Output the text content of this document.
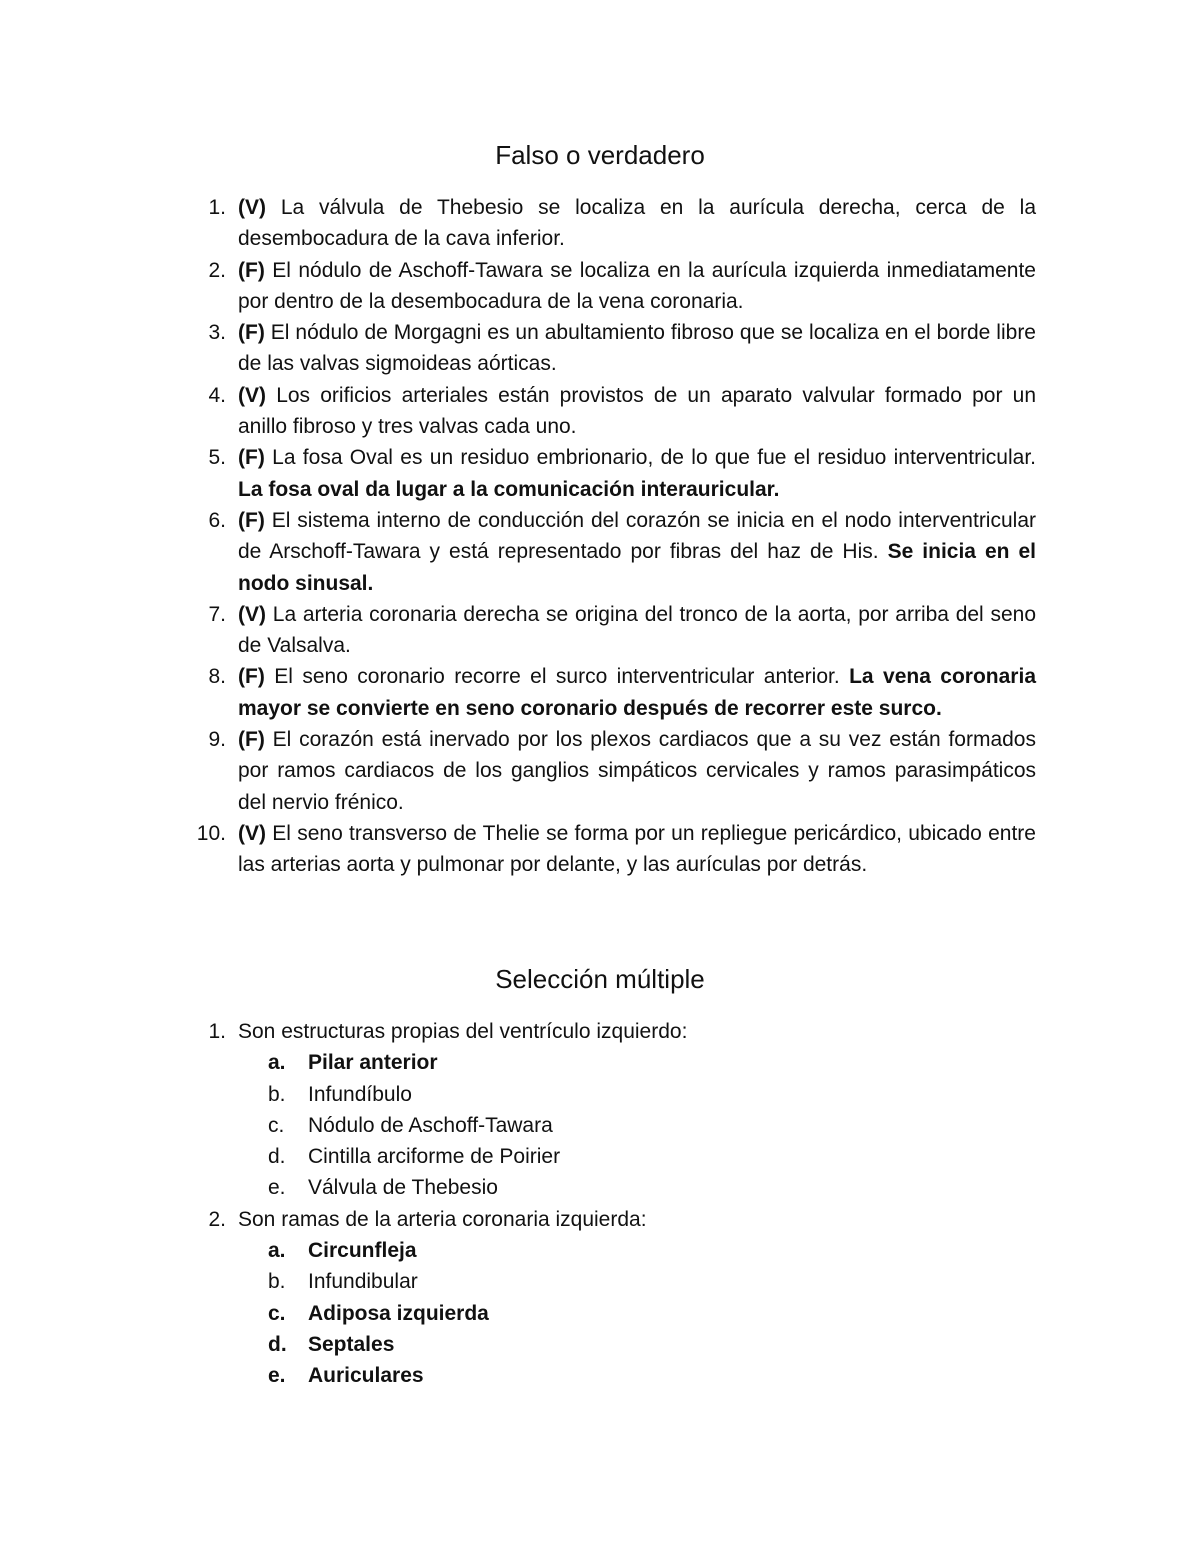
Falso o verdadero
1. (V) La válvula de Thebesio se localiza en la aurícula derecha, cerca de la desembocadura de la cava inferior.
2. (F) El nódulo de Aschoff-Tawara se localiza en la aurícula izquierda inmediatamente por dentro de la desembocadura de la vena coronaria.
3. (F) El nódulo de Morgagni es un abultamiento fibroso que se localiza en el borde libre de las valvas sigmoideas aórticas.
4. (V) Los orificios arteriales están provistos de un aparato valvular formado por un anillo fibroso y tres valvas cada uno.
5. (F) La fosa Oval es un residuo embrionario, de lo que fue el residuo interventricular. La fosa oval da lugar a la comunicación interauricular.
6. (F) El sistema interno de conducción del corazón se inicia en el nodo interventricular de Arschoff-Tawara y está representado por fibras del haz de His. Se inicia en el nodo sinusal.
7. (V) La arteria coronaria derecha se origina del tronco de la aorta, por arriba del seno de Valsalva.
8. (F) El seno coronario recorre el surco interventricular anterior. La vena coronaria mayor se convierte en seno coronario después de recorrer este surco.
9. (F) El corazón está inervado por los plexos cardiacos que a su vez están formados por ramos cardiacos de los ganglios simpáticos cervicales y ramos parasimpáticos del nervio frénico.
10. (V) El seno transverso de Thelie se forma por un repliegue pericárdico, ubicado entre las arterias aorta y pulmonar por delante, y las aurículas por detrás.
Selección múltiple
1. Son estructuras propias del ventrículo izquierdo:
a.	Pilar anterior
b.	Infundíbulo
c.	Nódulo de Aschoff-Tawara
d.	Cintilla arciforme de Poirier
e.	Válvula de Thebesio
2. Son ramas de la arteria coronaria izquierda:
a.	Circunfleja
b.	Infundibular
c.	Adiposa izquierda
d.	Septales
e.	Auriculares
